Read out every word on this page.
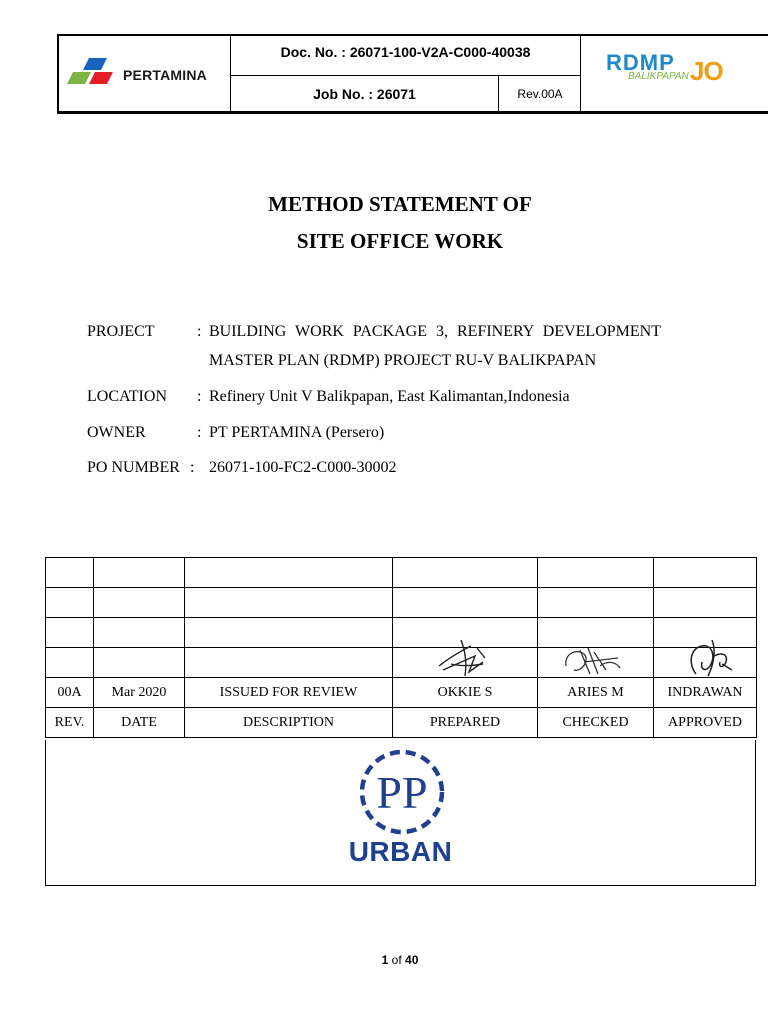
PERTAMINA
Doc. No. : 26071-100-V2A-C000-40038
Job No. : 26071	Rev.00A
RDMP
BALIKPAPAN JO
METHOD STATEMENT OF
SITE OFFICE WORK
PROJECT	: BUILDING WORK PACKAGE 3, REFINERY DEVELOPMENT
MASTER PLAN (RDMP) PROJECT RU-V BALIKPAPAN
LOCATION : Refinery Unit V Balikpapan, East Kalimantan,Indonesia
OWNER	: PT PERTAMINA (Persero)
PO NUMBER : 26071-100-FC2-C000-30002

00A	Mar 2020	ISSUED FOR REVIEW	OKKIE S	ARIES M	INDRAWAN
REV.	DATE	DESCRIPTION	PREPARED	CHECKED	APPROVED
PP
URBAN
1 of 40
